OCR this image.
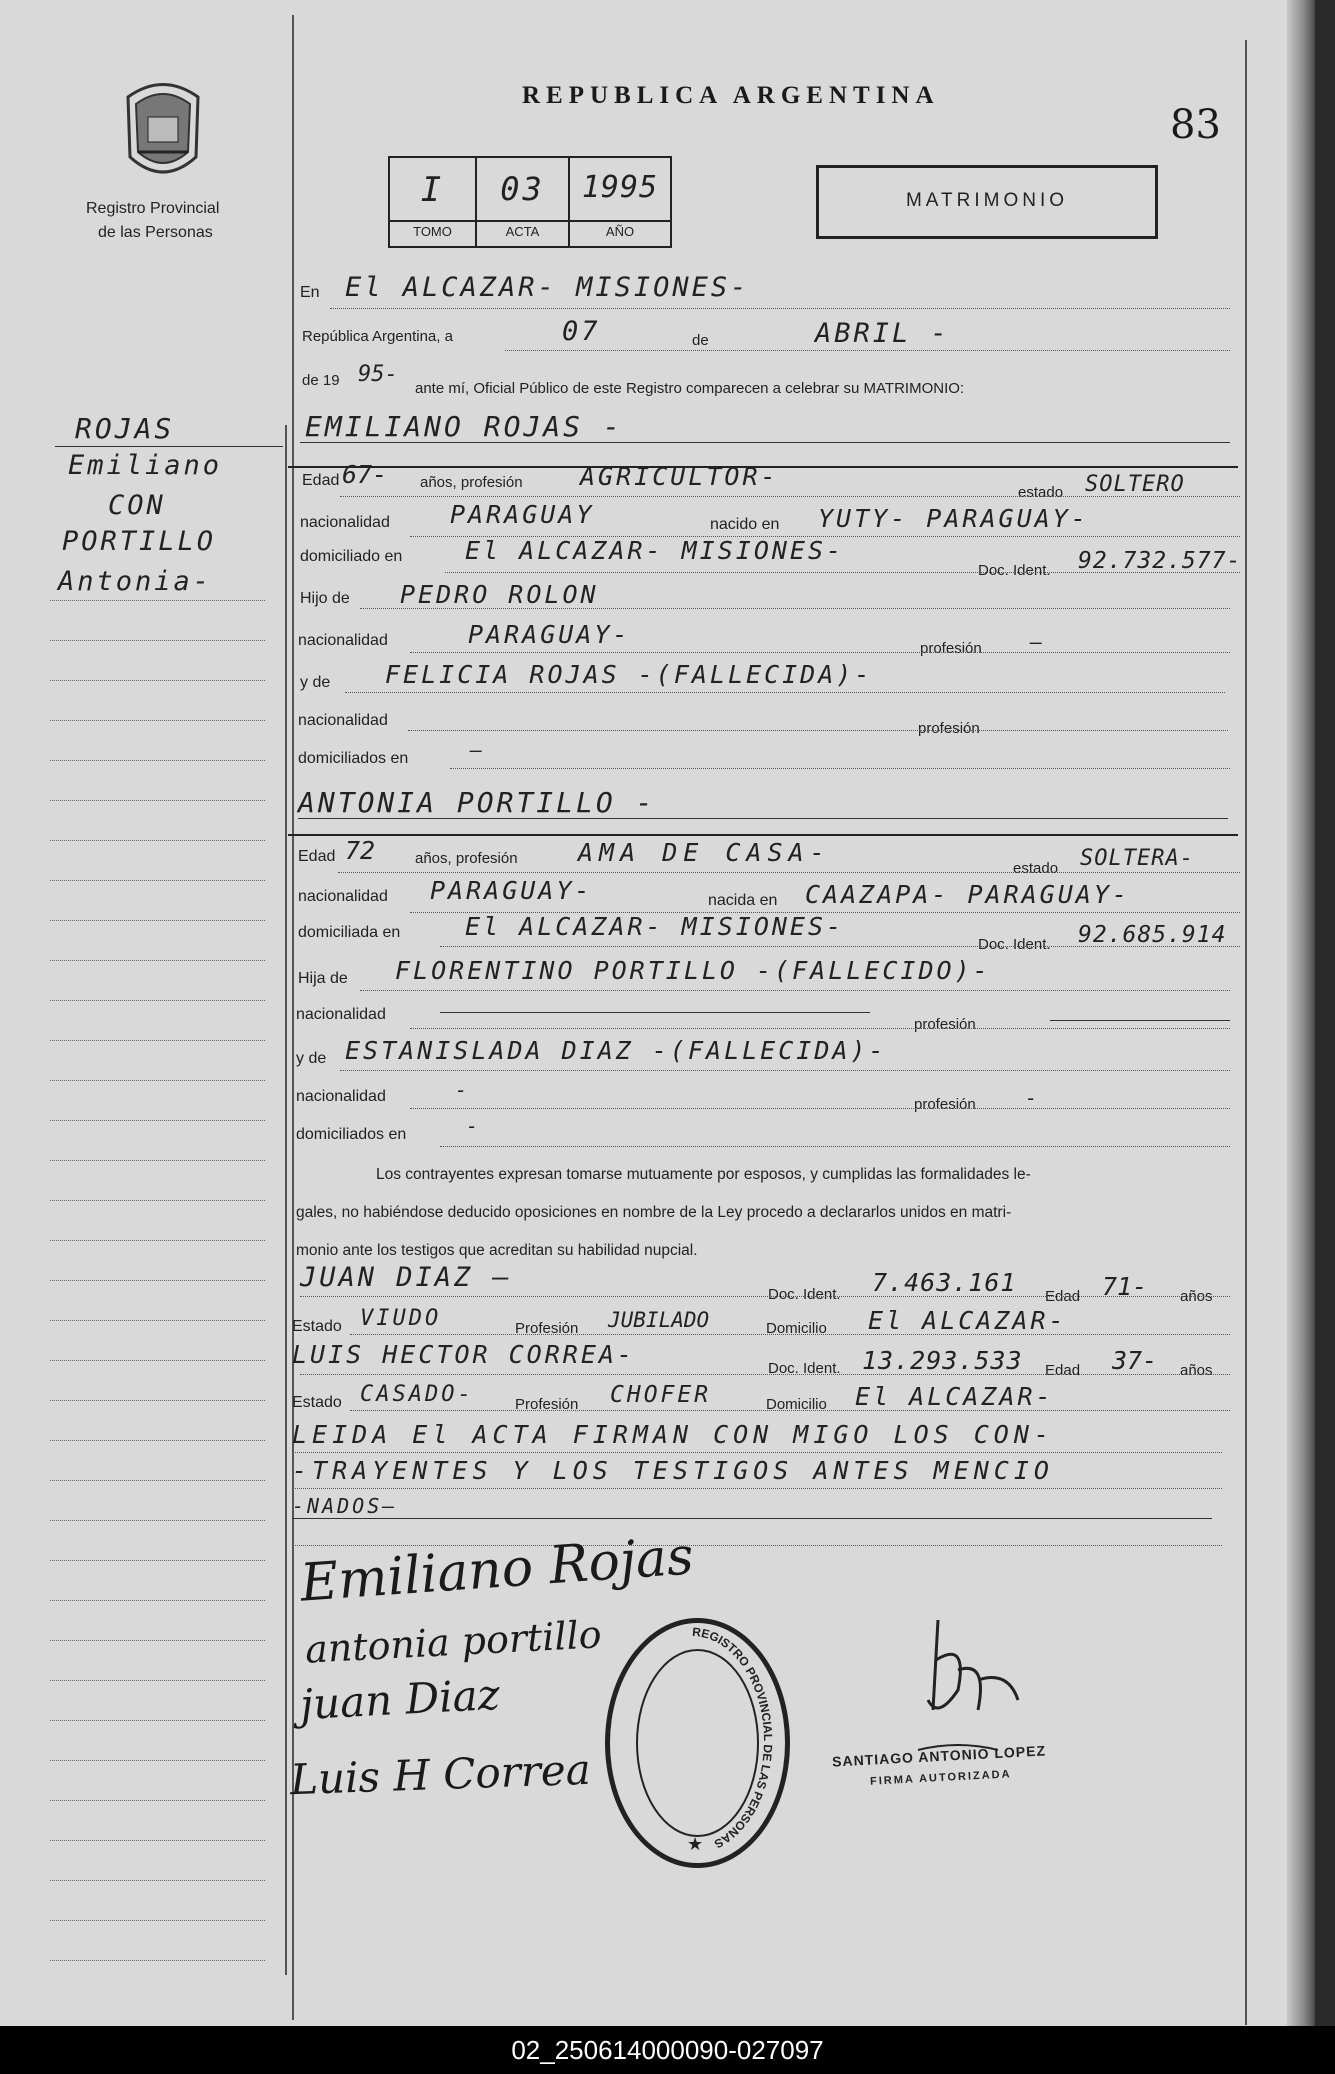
Registro Provincial
de las Personas
REPUBLICA ARGENTINA
83
I	03	1995
TOMO	ACTA	AÑO
MATRIMONIO
ROJAS
Emiliano
CON
PORTILLO
Antonia-
En El ALCAZAR- MISIONES-
República Argentina, a	07	de	ABRIL -
de 19 95-
ante mí, Oficial Público de este Registro comparecen a celebrar su MATRIMONIO:
EMILIANO ROJAS -
Edad 67- años, profesión AGRICULTOR-
estado SOLTERO
nacionalidad PARAGUAY	nacido en YUTY- PARAGUAY-
domiciliado en	El ALCAZAR- MISIONES-
Doc. Ident. 92.732.577-
Hijo de PEDRO ROLON
nacionalidad	PARAGUAY-	profesión —
y de FELICIA ROJAS -(FALLECIDA)-
nacionalidad	profesión
domiciliados en	—
ANTONIA PORTILLO -
Edad 72	años, profesión AMA DE CASA-
estado SOLTERA-
nacionalidad PARAGUAY-	nacida en CAAZAPA- PARAGUAY-
domiciliada en	El ALCAZAR- MISIONES-
Doc. Ident. 92.685.914
Hija de FLORENTINO PORTILLO -(FALLECIDO)-
nacionalidad
profesión
y de ESTANISLADA DIAZ -(FALLECIDA)-
nacionalidad	-
profesión -
domiciliados en	-
Los contrayentes expresan tomarse mutuamente por esposos, y cumplidas las formalidades le-
gales, no habiéndose deducido oposiciones en nombre de la Ley procedo a declararlos unidos en matri-
monio ante los testigos que acreditan su habilidad nupcial.
JUAN DIAZ —
Doc. Ident. 7.463.161 Edad 71- años
Estado VIUDO	Profesión JUBILADO	Domicilio El ALCAZAR-
LUIS HECTOR CORREA-	Doc. Ident. 13.293.533 Edad 37- años
Estado CASADO-	Profesión CHOFER	Domicilio El ALCAZAR-
LEIDA El ACTA FIRMAN CON MIGO LOS CON-
-TRAYENTES Y LOS TESTIGOS ANTES MENCIO
-NADOS—
Emiliano Rojas
antonia portillo
juan Diaz
Luis H Correa
REGISTRO PROVINCIAL DE LAS PERSONAS
★
SANTIAGO ANTONIO LOPEZ
FIRMA AUTORIZADA
02_250614000090-027097
